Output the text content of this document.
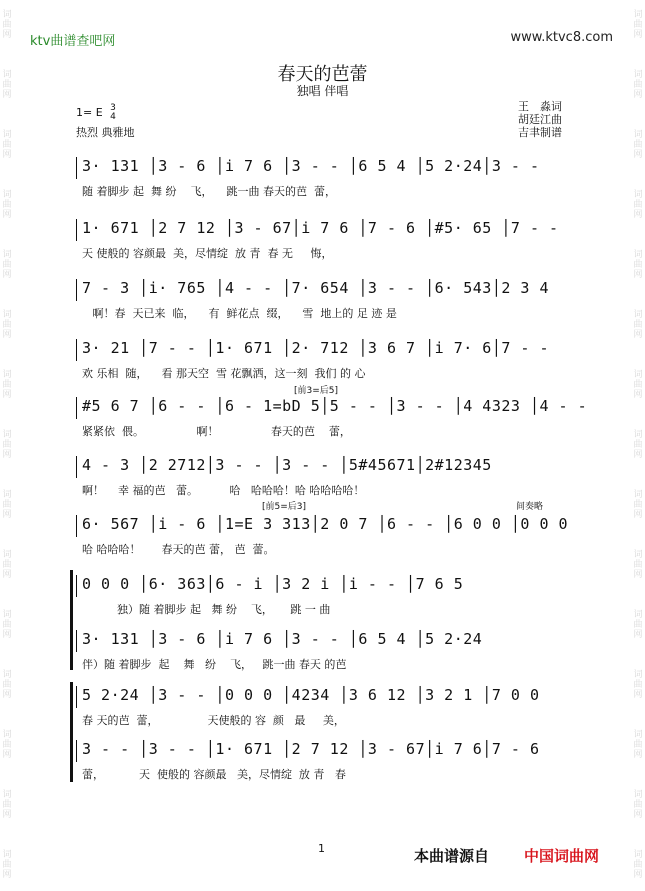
词曲网
词曲网
词曲网
词曲网
词曲网
词曲网
词曲网
词曲网
词曲网
词曲网
词曲网
词曲网
词曲网
词曲网
词曲网
词曲网
词曲网
词曲网
词曲网
词曲网
词曲网
词曲网
词曲网
词曲网
词曲网
词曲网
词曲网
词曲网
词曲网
词曲网
ktv曲谱查吧网	www.ktvc8.com
春天的芭蕾
独唱 伴唱
1= E 3
4
热烈 典雅地
王　淼词
胡廷江曲
吉聿制谱
3· 131 │3 - 6 │i 7 6 │3 - - │6 5 4 │5 2·24│3 - -
随 着脚步 起  舞 纷    飞，    跳一曲 春天的芭  蕾，
1· 671 │2 7 12 │3 - 67│i 7 6 │7 - 6 │#5· 65 │7 - -
天 使般的 容颜最  美，尽情绽  放 青  春 无     悔，
7 - 3 │i· 765 │4 - - │7· 654 │3 - - │6· 543│2 3 4
啊！春  天已来  临，    有  鲜花点  缀，    雪  地上的 足 迹 是
3· 21 │7 - - │1· 671 │2· 712 │3 6 7 │i 7· 6│7 - -
欢 乐相  随，    看 那天空  雪 花飘洒，这一刻  我们 的 心
#5 6 7 │6 - - │6 - 1=bD 5│5 - - │3 - - │4 4323 │4 - -
紧紧依  偎。               啊！               春天的芭    蕾，
[前3=后5]
4 - 3 │2 2712│3 - - │3 - - │5#45671│2#12345
啊！    幸 福的芭   蕾。         哈   哈哈哈！哈 哈哈哈哈！
6· 567 │i - 6 │1=E 3 313│2 0 7 │6 - - │6 0 0 │0 0 0
哈 哈哈哈！      春天的芭 蕾， 芭  蕾。
[前5=后3]	间奏略
0 0 0 │6· 363│6 - i │3 2 i │i - - │7 6 5
独）随 着脚步 起   舞 纷    飞，     跳 一 曲
3· 131 │3 - 6 │i 7 6 │3 - - │6 5 4 │5 2·24
伴）随 着脚步  起    舞   纷    飞，   跳一曲 春天 的芭
5 2·24 │3 - - │0 0 0 │4234 │3 6 12 │3 2 1 │7 0 0
春 天的芭  蕾，              天使般的 容  颜   最     美，
3 - - │3 - - │1· 671 │2 7 12 │3 - 67│i 7 6│7 - 6
蕾，          天  使般的 容颜最   美，尽情绽  放 青   春
1	本曲谱源自 中国词曲网
